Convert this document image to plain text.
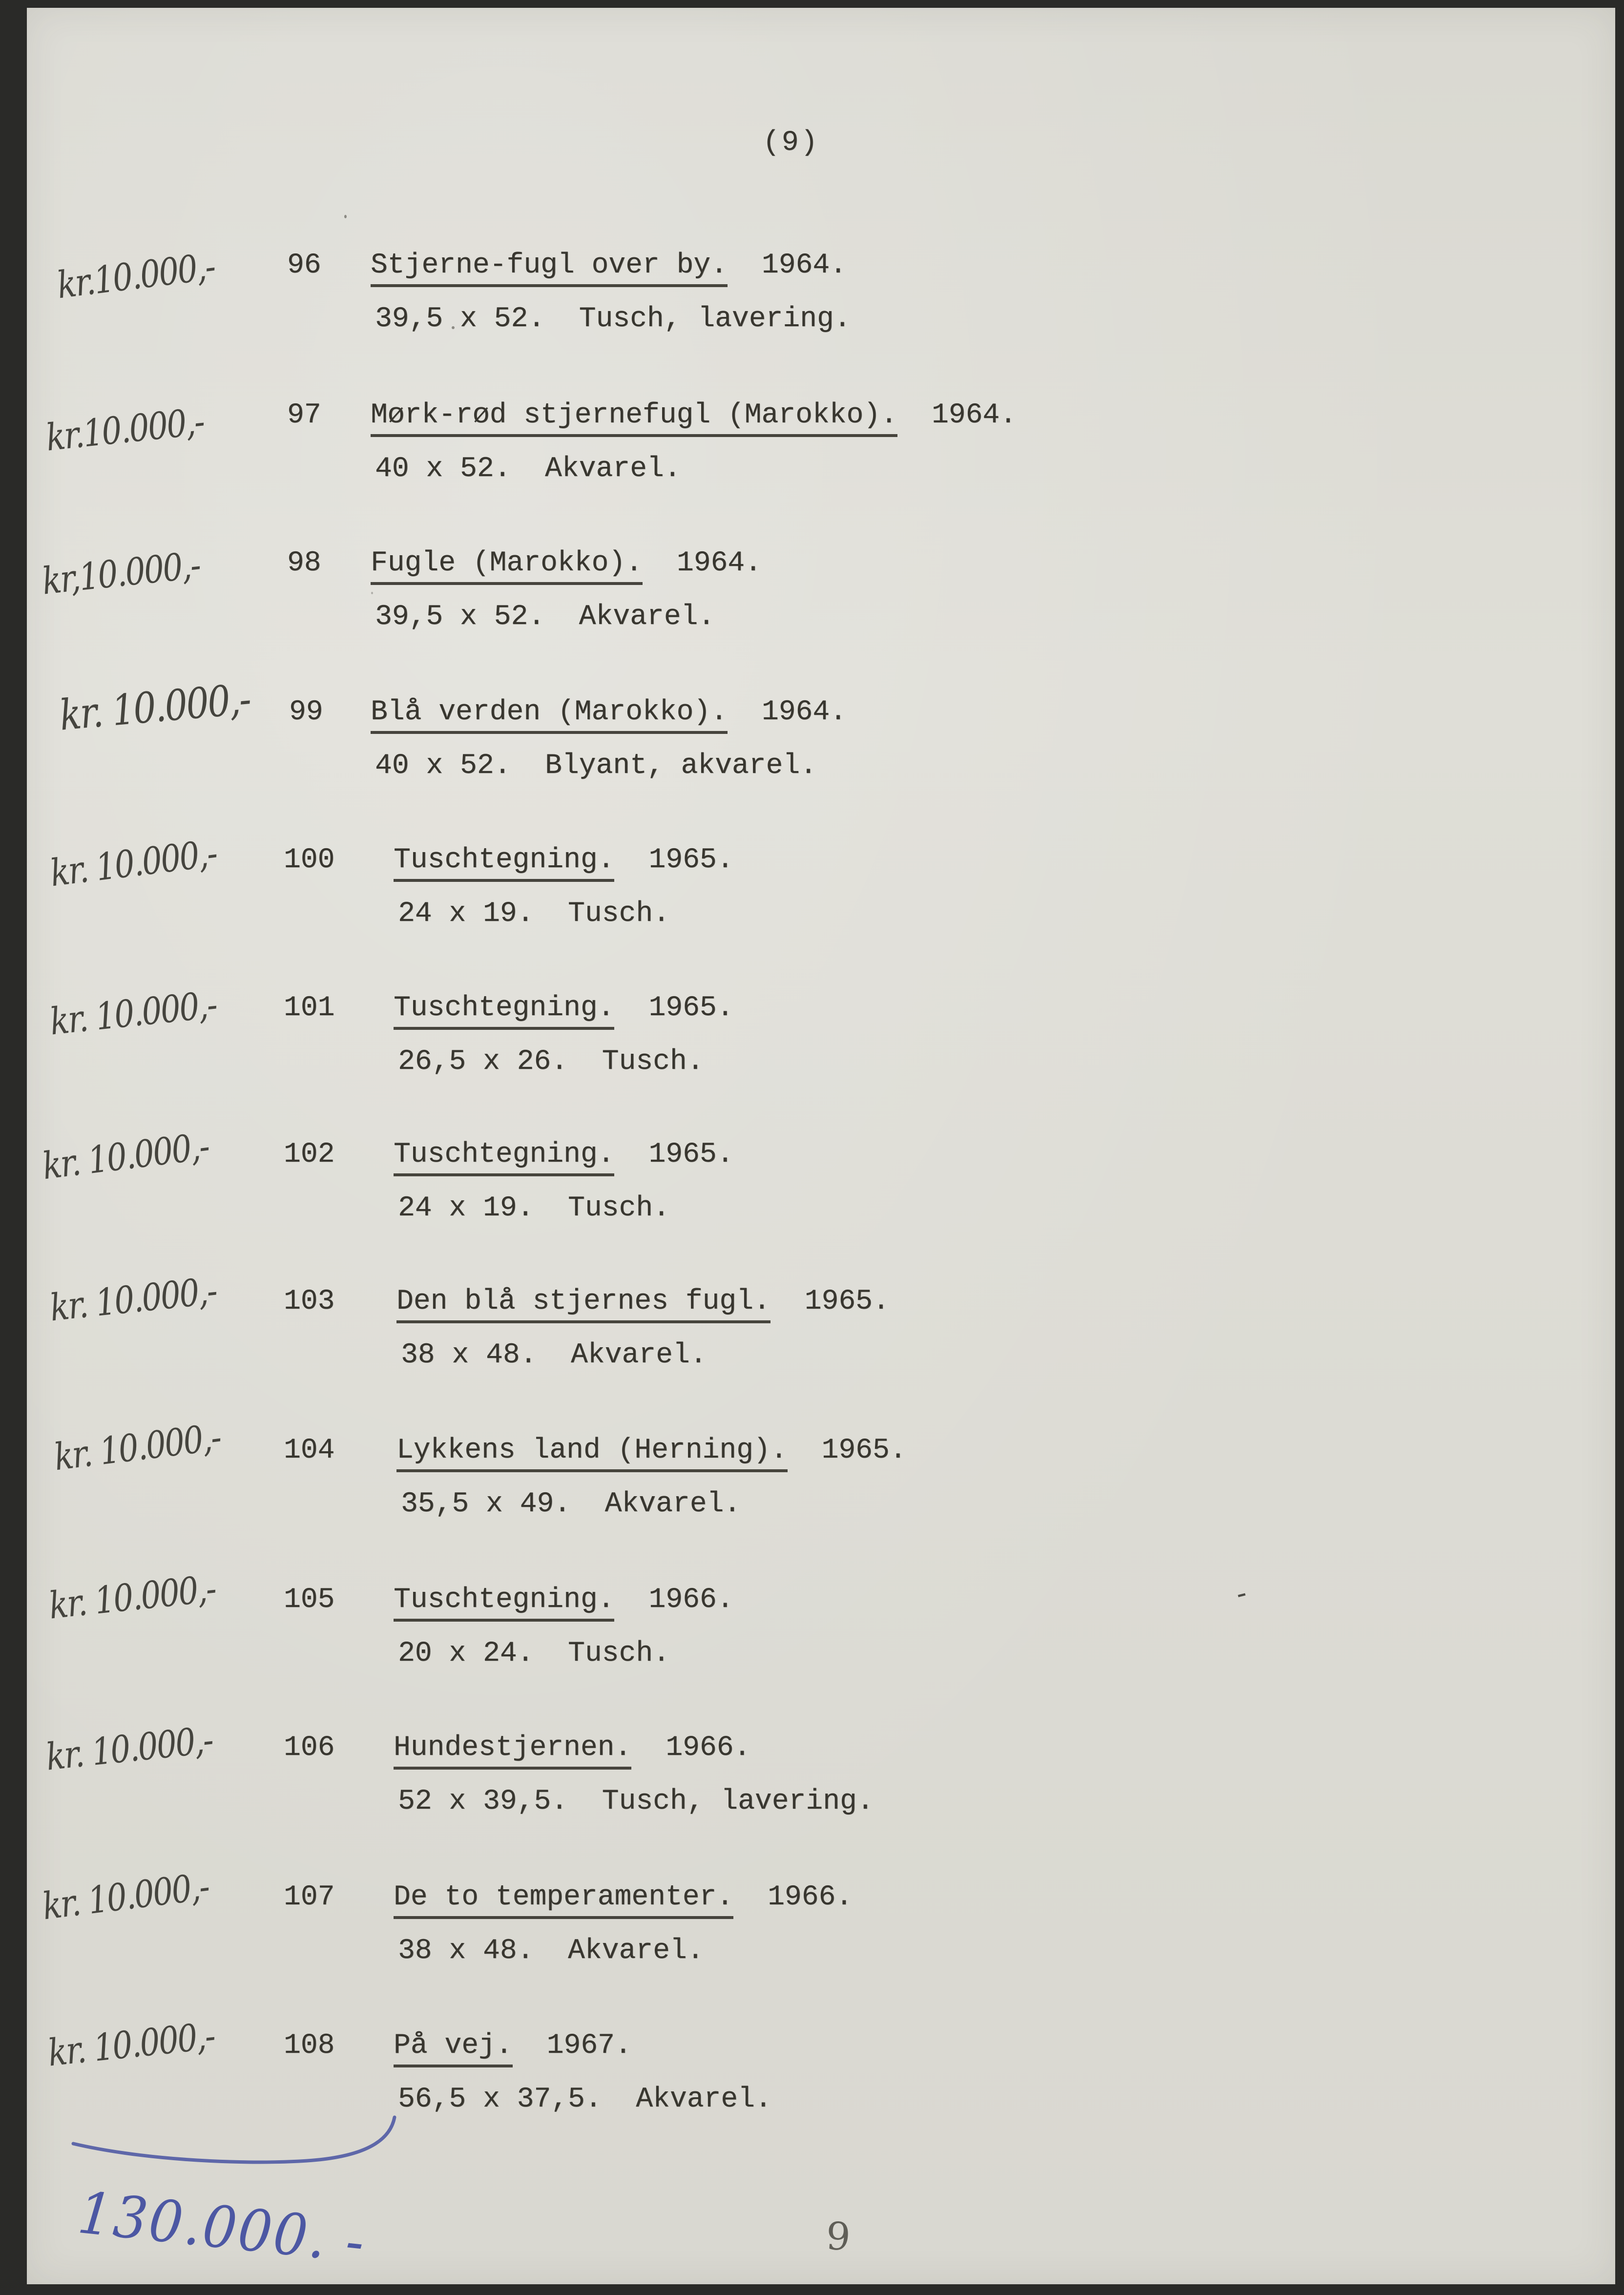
(9)
kr.10.000,- 96 Stjerne-fugl over by. 1964.
39,5 x 52.  Tusch, lavering.
kr.10.000,-	97 Mørk-rød stjernefugl (Marokko). 1964.
40 x 52.  Akvarel.
kr,10.000,-	98 Fugle (Marokko). 1964.
39,5 x 52.  Akvarel.
kr. 10.000,- 99 Blå verden (Marokko). 1964.
40 x 52.  Blyant, akvarel.
kr. 10.000,- 100 Tuschtegning. 1965.
24 x 19.  Tusch.
kr. 10.000,- 101 Tuschtegning. 1965.
26,5 x 26.  Tusch.
kr. 10.000,-	102 Tuschtegning. 1965.
24 x 19.  Tusch.
kr. 10.000,- 103 Den blå stjernes fugl. 1965.
38 x 48.  Akvarel.
kr. 10.000,- 104 Lykkens land (Herning). 1965.
35,5 x 49.  Akvarel.
kr. 10.000,- 105 Tuschtegning. 1966.
20 x 24.  Tusch.
kr. 10.000,- 106 Hundestjernen. 1966.
52 x 39,5.  Tusch, lavering.
kr. 10.000,-	107 De to temperamenter. 1966.
38 x 48.  Akvarel.
kr. 10.000,- 108 På vej. 1967.
56,5 x 37,5.  Akvarel.
-
130.000. -	9
